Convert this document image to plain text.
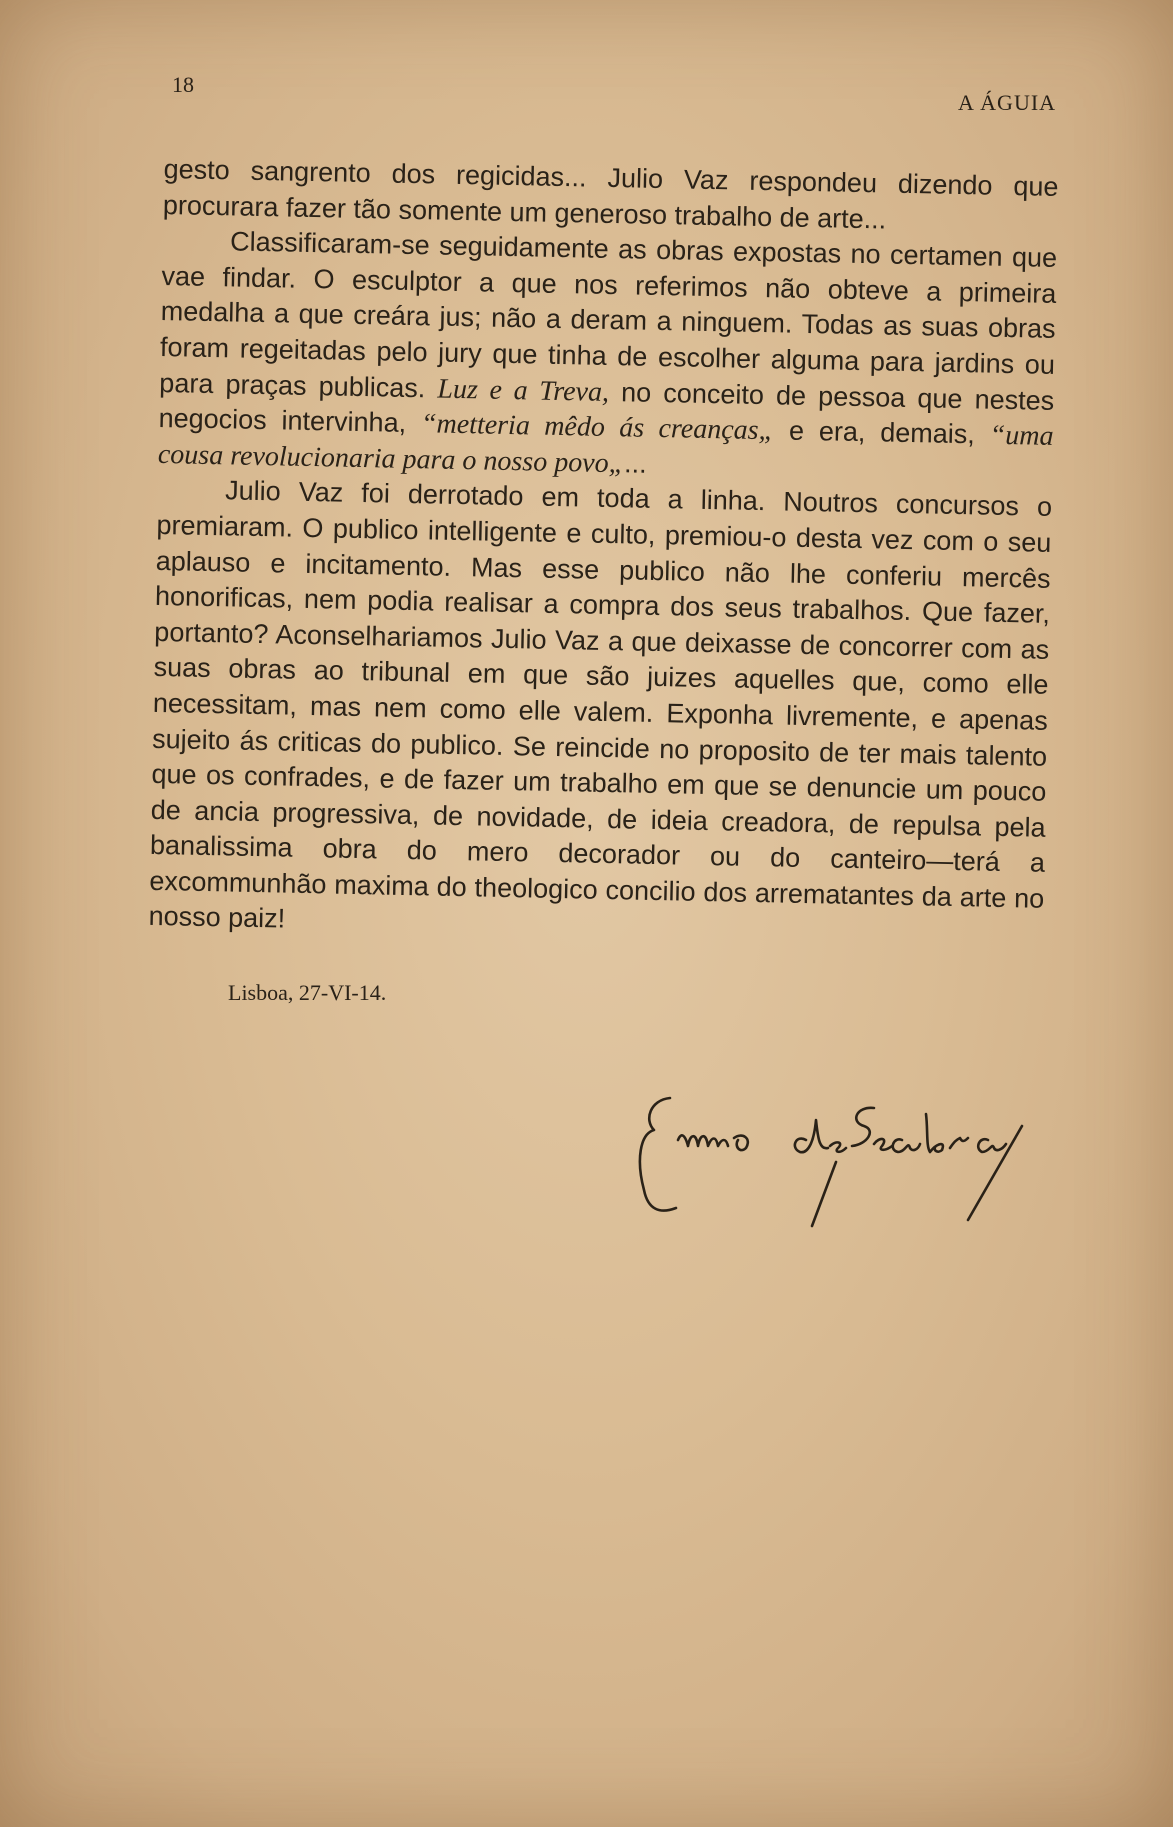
18
A ÁGUIA

gesto sangrento dos regicidas... Julio Vaz respondeu dizendo que procurara fazer tão somente um generoso trabalho de arte...

Classificaram-se seguidamente as obras expostas no certamen que vae findar. O esculptor a que nos referimos não obteve a primeira medalha a que creára jus; não a deram a ninguem. Todas as suas obras foram regeitadas pelo jury que tinha de escolher alguma para jardins ou para praças publicas. Luz e a Treva, no conceito de pessoa que nestes negocios intervinha, “metteria mêdo ás creanças„ e era, demais, “uma cousa revolucionaria para o nosso povo„...

Julio Vaz foi derrotado em toda a linha. Noutros concursos o premiaram. O publico intelligente e culto, premiou-o desta vez com o seu aplauso e incitamento. Mas esse publico não lhe conferiu mercês honorificas, nem podia realisar a compra dos seus trabalhos. Que fazer, portanto? Aconselhariamos Julio Vaz a que deixasse de concorrer com as suas obras ao tribunal em que são juizes aquelles que, como elle necessitam, mas nem como elle valem. Exponha livremente, e apenas sujeito ás criticas do publico. Se reincide no proposito de ter mais talento que os confrades, e de fazer um trabalho em que se denuncie um pouco de ancia progressiva, de novidade, de ideia creadora, de repulsa pela banalissima obra do mero decorador ou do canteiro—terá a excommunhão maxima do theologico concilio dos arrematantes da arte no nosso paiz!

Lisboa, 27-VI-14.
